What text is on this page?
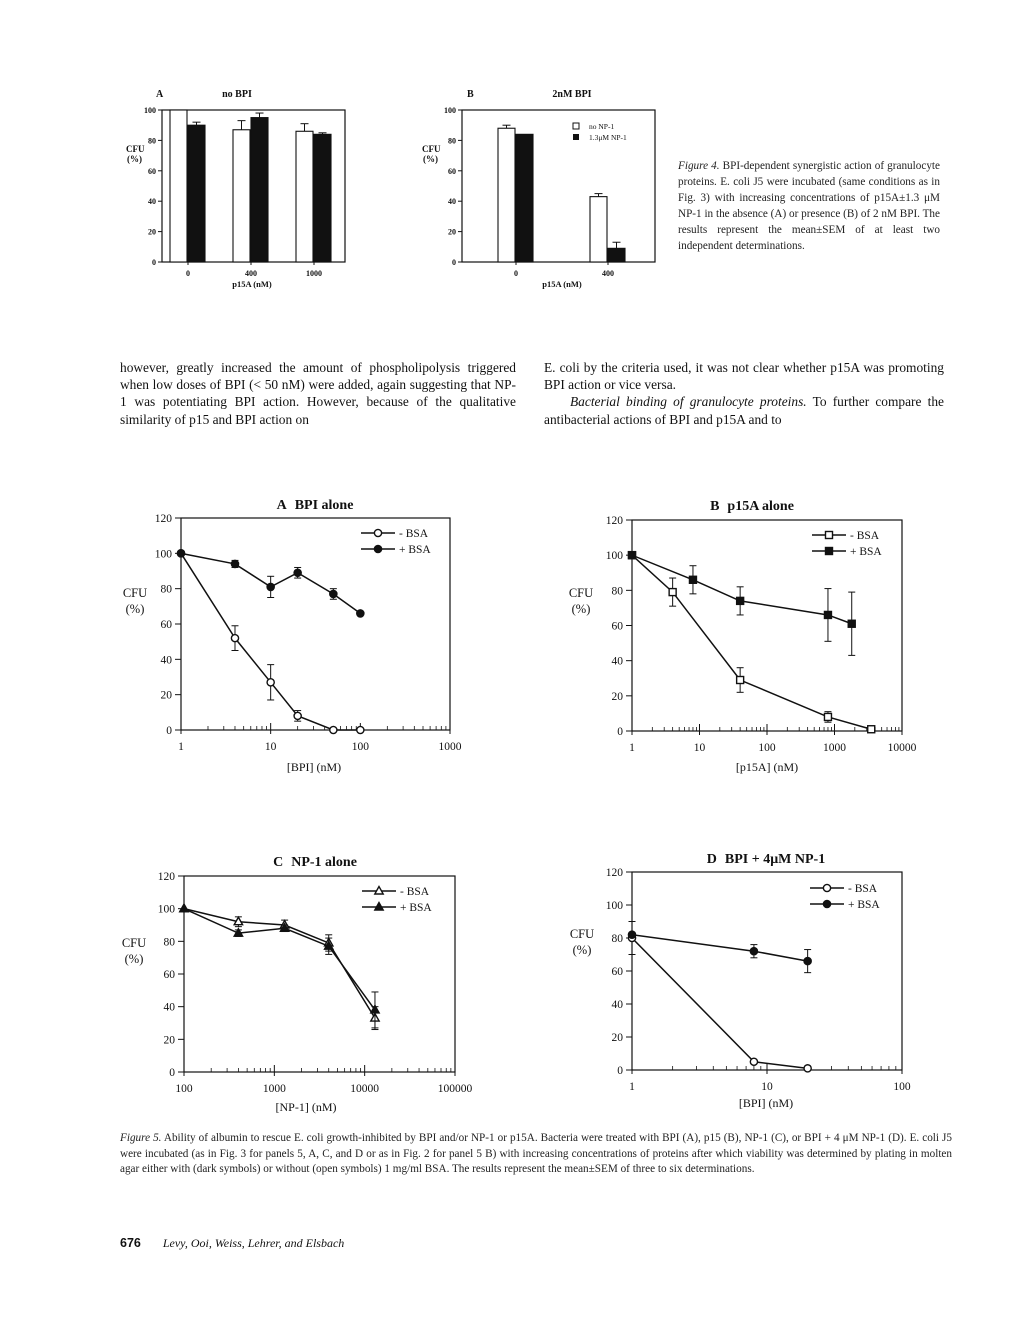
A	no BPI
CFU
(%)
100
80
60
40
20
0
0	400	1000
p15A (nM)
B	2nM BPI
CFU
(%)
100
80
60
40
20
0
0	400
p15A (nM)
no NP-1
1.3μM NP-1
Figure 4. BPI-dependent synergistic action of granulocyte proteins. E. coli J5 were incubated (same conditions as in Fig. 3) with increasing concentrations of p15A±1.3 μM NP-1 in the absence (A) or presence (B) of 2 nM BPI. The results represent the mean±SEM of at least two independent determinations.
however, greatly increased the amount of phospholipolysis triggered when low doses of BPI (< 50 nM) were added, again suggesting that NP-1 was potentiating BPI action. However, because of the qualitative similarity of p15 and BPI action on
E. coli by the criteria used, it was not clear whether p15A was promoting BPI action or vice versa.
Bacterial binding of granulocyte proteins. To further compare the antibacterial actions of BPI and p15A and to
A BPI alone
CFU
(%)
120
100
80
60
40
20
0
1	10	100	1000
- BSA
+ BSA
[BPI] (nM)
B p15A alone
CFU
(%)
120
100
80
60
40
20
0
1	10	100	1000	10000
- BSA
+ BSA
[p15A] (nM)
C NP-1 alone
CFU
(%)
120
100
80
60
40
20
0
100	1000	10000	100000
- BSA
+ BSA
[NP-1] (nM)
D BPI + 4μM NP-1
CFU
(%)
120
100
80
60
40
20
0
1	10	100
- BSA
+ BSA
[BPI] (nM)
Figure 5. Ability of albumin to rescue E. coli growth-inhibited by BPI and/or NP-1 or p15A. Bacteria were treated with BPI (A), p15 (B), NP-1 (C), or BPI + 4 μM NP-1 (D). E. coli J5 were incubated (as in Fig. 3 for panels 5, A, C, and D or as in Fig. 2 for panel 5 B) with increasing concentrations of proteins after which viability was determined by plating in molten agar either with (dark symbols) or without (open symbols) 1 mg/ml BSA. The results represent the mean±SEM of three to six determinations.
676 Levy, Ooi, Weiss, Lehrer, and Elsbach
